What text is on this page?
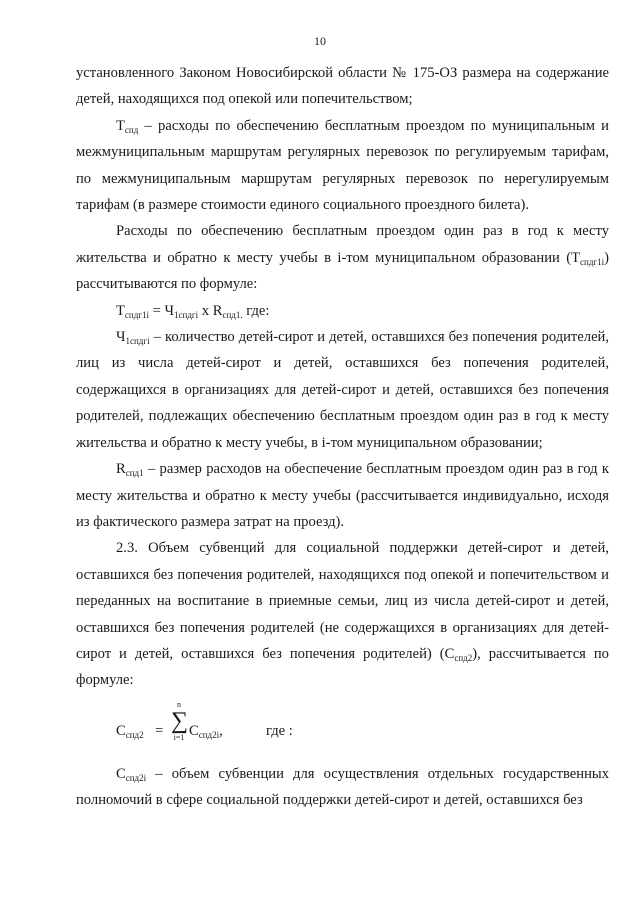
10

установленного Законом Новосибирской области № 175-ОЗ размера на содержание детей, находящихся под опекой или попечительством;

$Т_{спд}$ – расходы по обеспечению бесплатным проездом по муниципальным и межмуниципальным маршрутам регулярных перевозок по регулируемым тарифам, по межмуниципальным маршрутам регулярных перевозок по нерегулируемым тарифам (в размере стоимости единого социального проездного билета).

Расходы по обеспечению бесплатным проездом один раз в год к месту жительства и обратно к месту учебы в i-том муниципальном образовании $(Т_{спдг1i})$ рассчитываются по формуле:

$Т_{спдг1i} = Ч_{1спдгi}$ х $R_{спд1.}$ где:

$Ч_{1спдгi}$ – количество детей-сирот и детей, оставшихся без попечения родителей, лиц из числа детей-сирот и детей, оставшихся без попечения родителей, содержащихся в организациях для детей-сирот и детей, оставшихся без попечения родителей, подлежащих обеспечению бесплатным проездом один раз в год к месту жительства и обратно к месту учебы, в i-том муниципальном образовании;

$R_{спд1}$ – размер расходов на обеспечение бесплатным проездом один раз в год к месту жительства и обратно к месту учебы (рассчитывается индивидуально, исходя из фактического размера затрат на проезд).

2.3. Объем субвенций для социальной поддержки детей-сирот и детей, оставшихся без попечения родителей, находящихся под опекой и попечительством и переданных на воспитание в приемные семьи, лиц из числа детей-сирот и детей, оставшихся без попечения родителей (не содержащихся в организациях для детей-сирот и детей, оставшихся без попечения родителей) $(С_{спд2})$, рассчитывается по формуле:

$С_{спд2}$ =
n
∑
i=1 $С_{спд2i}$,	где :

$С_{спд2i}$ – объем субвенции для осуществления отдельных государственных полномочий в сфере социальной поддержки детей-сирот и детей, оставшихся без
